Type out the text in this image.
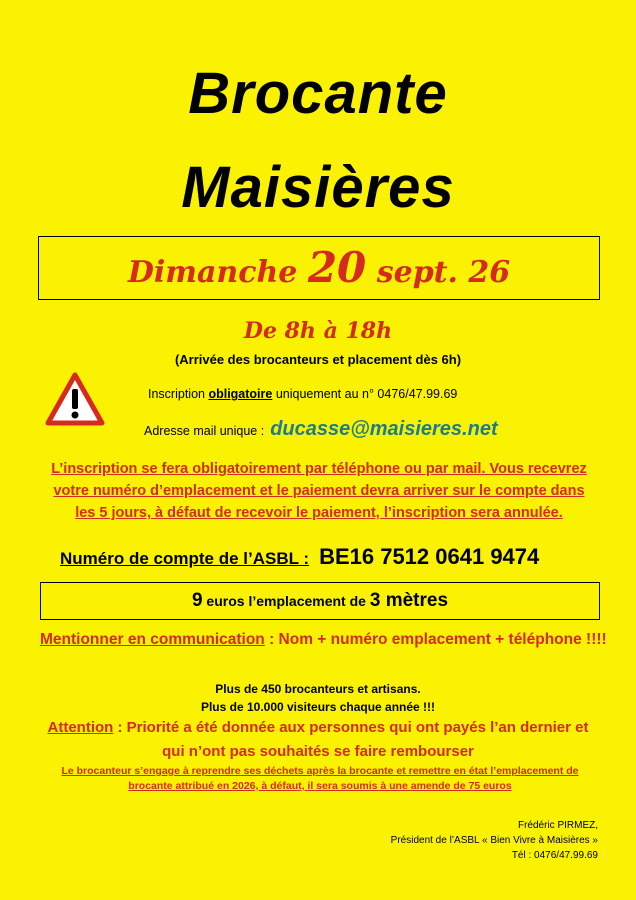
Brocante
Maisières
Dimanche 20 sept. 26
De 8h à 18h
(Arrivée des brocanteurs et placement dès 6h)
Inscription obligatoire uniquement au n° 0476/47.99.69
Adresse mail unique : ducasse@maisieres.net
L’inscription se fera obligatoirement par téléphone ou par mail. Vous recevrez votre numéro d’emplacement et le paiement devra arriver sur le compte dans les 5 jours, à défaut de recevoir le paiement, l’inscription sera annulée.
Numéro de compte de l’ASBL : BE16 7512 0641 9474
9 euros l’emplacement de 3 mètres
Mentionner en communication : Nom + numéro emplacement + téléphone !!!!
Plus de 450 brocanteurs et artisans.
Plus de 10.000 visiteurs chaque année !!!
Attention : Priorité a été donnée aux personnes qui ont payés l’an dernier et qui n’ont pas souhaités se faire rembourser
Le brocanteur s’engage à reprendre ses déchets après la brocante et remettre en état l’emplacement de brocante attribué en 2026, à défaut, il sera soumis à une amende de 75 euros
Frédéric PIRMEZ,
Président de l’ASBL « Bien Vivre à Maisières »
Tél : 0476/47.99.69
